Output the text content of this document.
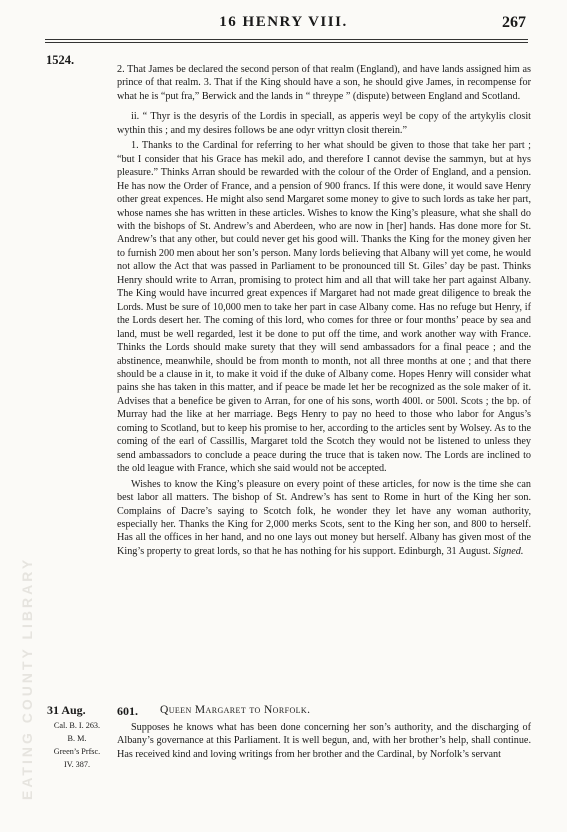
16 HENRY VIII.	267
1524.
EATING COUNTY LIBRARY

2. That James be declared the second person of that realm (England), and have lands assigned him as prince of that realm. 3. That if the King should have a son, he should give James, in recompense for what he is “put fra,” Berwick and the lands in “ threype ” (dispute) between England and Scotland.

ii. “ Thyr is the desyris of the Lordis in speciall, as apperis weyl be copy of the artykylis closit wythin this ; and my desires follows be ane odyr vrittyn closit therein.”

1. Thanks to the Cardinal for referring to her what should be given to those that take her part ; “but I consider that his Grace has mekil ado, and therefore I cannot devise the sammyn, but at hys pleasure.” Thinks Arran should be rewarded with the colour of the Order of England, and a pension. He has now the Order of France, and a pension of 900 francs. If this were done, it would save Henry other great expences. He might also send Margaret some money to give to such lords as take her part, whose names she has written in these articles. Wishes to know the King’s pleasure, what she shall do with the bishops of St. Andrew’s and Aberdeen, who are now in [her] hands. Has done more for St. Andrew’s that any other, but could never get his good will. Thanks the King for the money given her to furnish 200 men about her son’s person. Many lords believing that Albany will yet come, he would not allow the Act that was passed in Parliament to be pronounced till St. Giles’ day be past. Thinks Henry should write to Arran, promising to protect him and all that will take her part against Albany. The King would have incurred great expences if Margaret had not made great diligence to break the Lords. Must be sure of 10,000 men to take her part in case Albany come. Has no refuge but Henry, if the Lords desert her. The coming of this lord, who comes for three or four months’ peace by sea and land, must be well regarded, lest it be done to put off the time, and work another way with France. Thinks the Lords should make surety that they will send ambassadors for a final peace ; and the abstinence, meanwhile, should be from month to month, not all three months at one ; and that there should be a clause in it, to make it void if the duke of Albany come. Hopes Henry will consider what pains she has taken in this matter, and if peace be made let her be recognized as the sole maker of it. Advises that a benefice be given to Arran, for one of his sons, worth 400l. or 500l. Scots ; the bp. of Murray had the like at her marriage. Begs Henry to pay no heed to those who labor for Angus’s coming to Scotland, but to keep his promise to her, according to the articles sent by Wolsey. As to the coming of the earl of Cassillis, Margaret told the Scotch they would not be listened to unless they send ambassadors to conclude a peace during the truce that is taken now. The Lords are inclined to the old league with France, which she said would not be accepted.

Wishes to know the King’s pleasure on every point of these articles, for now is the time she can best labor all matters. The bishop of St. Andrew’s has sent to Rome in hurt of the King her son. Complains of Dacre’s saying to Scotch folk, he wonder they let have any woman authority, especially her. Thanks the King for 2,000 merks Scots, sent to the King her son, and 800 to herself. Has all the offices in her hand, and no one lays out money but herself. Albany has given most of the King’s property to great lords, so that he has nothing for his support. Edinburgh, 31 August. Signed.

31 Aug.
Cal. B. I. 263.
B. M.
Green’s Prfsc.
IV. 387.
601. Queen Margaret to Norfolk.

Supposes he knows what has been done concerning her son’s authority, and the discharging of Albany’s governance at this Parliament. It is well begun, and, with her brother’s help, shall continue. Has received kind and loving writings from her brother and the Cardinal, by Norfolk’s servant
